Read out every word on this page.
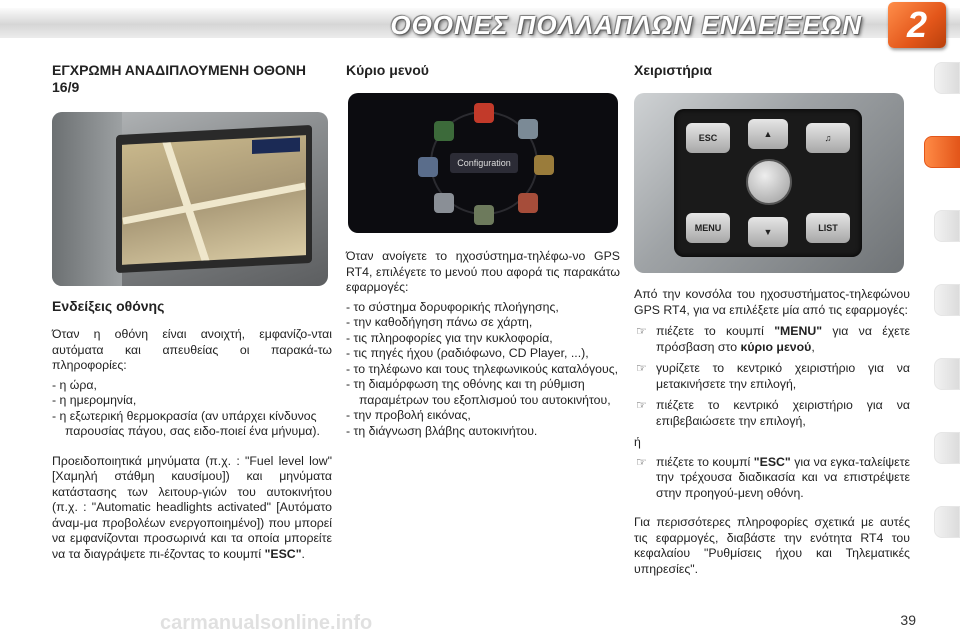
ΟΘΟΝΕΣ ΠΟΛΛΑΠΛΩΝ ΕΝΔΕΙΞΕΩΝ	2
ΕΓΧΡΩΜΗ ΑΝΑΔΙΠΛΟΥΜΕΝΗ ΟΘΟΝΗ 16/9
Ενδείξεις οθόνης

Όταν η οθόνη είναι ανοιχτή, εμφανίζο-νται αυτόματα και απευθείας οι παρακά-τω πληροφορίες:

- η ώρα,
- η ημερομηνία,
- η εξωτερική θερμοκρασία (αν υπάρχει κίνδυνος παρουσίας πάγου, σας ειδο-ποιεί ένα μήνυμα).

Προειδοποιητικά μηνύματα (π.χ. : "Fuel level low" [Χαμηλή στάθμη καυσίμου]) και μηνύματα κατάστασης των λειτουρ-γιών του αυτοκινήτου (π.χ. : "Automatic headlights activated" [Αυτόματο άναμ-μα προβολέων ενεργοποιημένο]) που μπορεί να εμφανίζονται προσωρινά και τα οποία μπορείτε να τα διαγράψετε πι-έζοντας το κουμπί "ESC".

Κύριο μενού
Configuration

Όταν ανοίγετε το ηχοσύστημα-τηλέφω-νο GPS RT4, επιλέγετε το μενού που αφορά τις παρακάτω εφαρμογές:

- το σύστημα δορυφορικής πλοήγησης,
- την καθοδήγηση πάνω σε χάρτη,
- τις πληροφορίες για την κυκλοφορία,
- τις πηγές ήχου (ραδιόφωνο, CD Player, ...),
- το τηλέφωνο και τους τηλεφωνικούς καταλόγους,
- τη διαμόρφωση της οθόνης και τη ρύθμιση παραμέτρων του εξοπλισμού του αυτοκινήτου,
- την προβολή εικόνας,
- τη διάγνωση βλάβης αυτοκινήτου.
Χειριστήρια
ESC	▲	♫
MENU	▼	LIST

Από την κονσόλα του ηχοσυστήματος-τηλεφώνου GPS RT4, για να επιλέξετε μία από τις εφαρμογές:

☞ πιέζετε το κουμπί "MENU" για να έχετε πρόσβαση στο κύριο μενού,
☞ γυρίζετε το κεντρικό χειριστήριο για να μετακινήσετε την επιλογή,
☞ πιέζετε το κεντρικό χειριστήριο για να επιβεβαιώσετε την επιλογή,

ή

☞ πιέζετε το κουμπί "ESC" για να εγκα-ταλείψετε την τρέχουσα διαδικασία και να επιστρέψετε στην προηγού-μενη οθόνη.

Για περισσότερες πληροφορίες σχετικά με αυτές τις εφαρμογές, διαβάστε την ενότητα RT4 του κεφαλαίου "Ρυθμίσεις ήχου και Τηλεματικές υπηρεσίες".

39
carmanualsonline.info
